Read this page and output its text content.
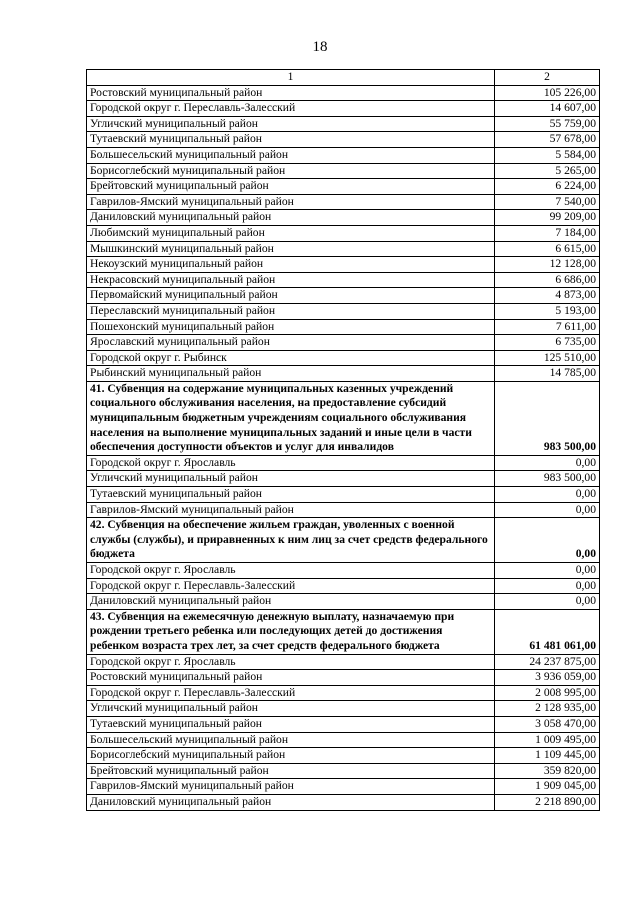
18
1	2
Ростовский муниципальный район	105 226,00
Городской округ г. Переславль-Залесский	14 607,00
Угличский муниципальный район	55 759,00
Тутаевский муниципальный район	57 678,00
Большесельский муниципальный район	5 584,00
Борисоглебский муниципальный район	5 265,00
Брейтовский муниципальный район	6 224,00
Гаврилов-Ямский муниципальный район	7 540,00
Даниловский муниципальный район	99 209,00
Любимский муниципальный район	7 184,00
Мышкинский муниципальный район	6 615,00
Некоузский муниципальный район	12 128,00
Некрасовский муниципальный район	6 686,00
Первомайский муниципальный район	4 873,00
Переславский муниципальный район	5 193,00
Пошехонский муниципальный район	7 611,00
Ярославский муниципальный район	6 735,00
Городской округ г. Рыбинск	125 510,00
Рыбинский муниципальный район	14 785,00
41. Субвенция на содержание муниципальных казенных учреждений социального обслуживания населения, на предоставление субсидий муниципальным бюджетным учреждениям социального обслуживания населения на выполнение муниципальных заданий и иные цели в части обеспечения доступности объектов и услуг для инвалидов	983 500,00
Городской округ г. Ярославль	0,00
Угличский муниципальный район	983 500,00
Тутаевский муниципальный район	0,00
Гаврилов-Ямский муниципальный район	0,00
42. Субвенция на обеспечение жильем граждан, уволенных с военной службы (службы), и приравненных к ним лиц за счет средств федерального бюджета	0,00
Городской округ г. Ярославль	0,00
Городской округ г. Переславль-Залесский	0,00
Даниловский муниципальный район	0,00
43. Субвенция на ежемесячную денежную выплату, назначаемую при рождении третьего ребенка или последующих детей до достижения ребенком возраста трех лет, за счет средств федерального бюджета	61 481 061,00
Городской округ г. Ярославль	24 237 875,00
Ростовский муниципальный район	3 936 059,00
Городской округ г. Переславль-Залесский	2 008 995,00
Угличский муниципальный район	2 128 935,00
Тутаевский муниципальный район	3 058 470,00
Большесельский муниципальный район	1 009 495,00
Борисоглебский муниципальный район	1 109 445,00
Брейтовский муниципальный район	359 820,00
Гаврилов-Ямский муниципальный район	1 909 045,00
Даниловский муниципальный район	2 218 890,00
